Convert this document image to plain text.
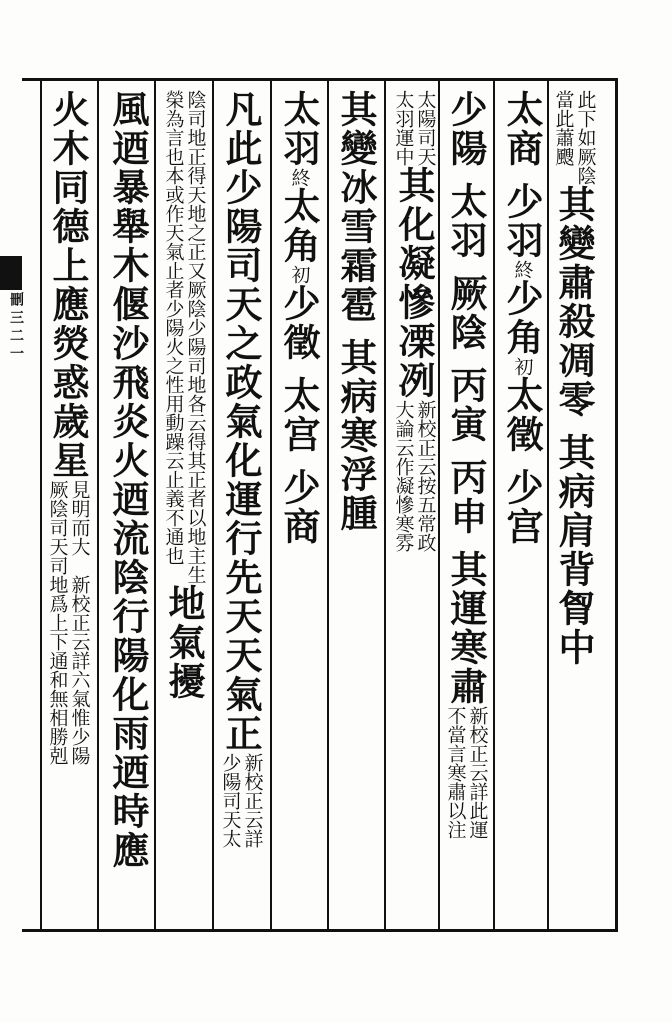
刪三二一
此下如厥陰
當此蕭颼
其變肅殺凋零
其病肩背胷中
太商
少羽
終
少角
初
太徵
少宫
少陽
太羽
厥陰
丙寅
丙申
其運寒肅
新校正云詳此運
不當言寒肅以注
太陽司天
太羽運中
其化凝慘凓冽
新校正云按五常政
大論云作凝慘寒雰
其變冰雪霜雹
其病寒浮腫
太羽
終
太角
初
少徵
太宫
少商
凡此少陽司天之政氣化運行先天天氣正
新校正云詳
少陽司天太
陰司地正得天地之正又厥陰少陽司地各云得其正者以地主生
榮為言也本或作天氣止者少陽火之性用動躁云止義不通也
地氣擾
風迺暴舉木偃沙飛炎火迺流陰行陽化雨迺時應
火木同德上應熒惑歲星
見明而大　新校正云詳六氣惟少陽
厥陰司天司地爲上下通和無相勝剋
